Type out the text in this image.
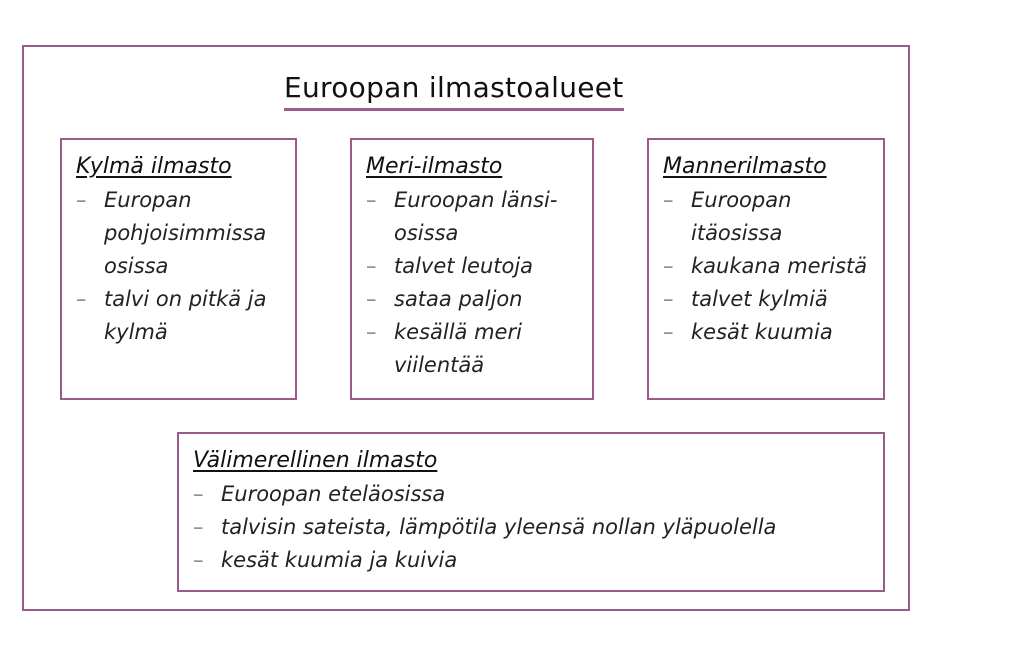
Euroopan ilmastoalueet
Kylmä ilmasto
– Europan pohjoisimmissa osissa
– talvi on pitkä ja kylmä
Meri-ilmasto
– Euroopan länsi-osissa
– talvet leutoja
– sataa paljon
– kesällä meri viilentää
Mannerilmasto
– Euroopan itäosissa
– kaukana meristä
– talvet kylmiä
– kesät kuumia
Välimerellinen ilmasto
– Euroopan eteläosissa
– talvisin sateista, lämpötila yleensä nollan yläpuolella
– kesät kuumia ja kuivia
